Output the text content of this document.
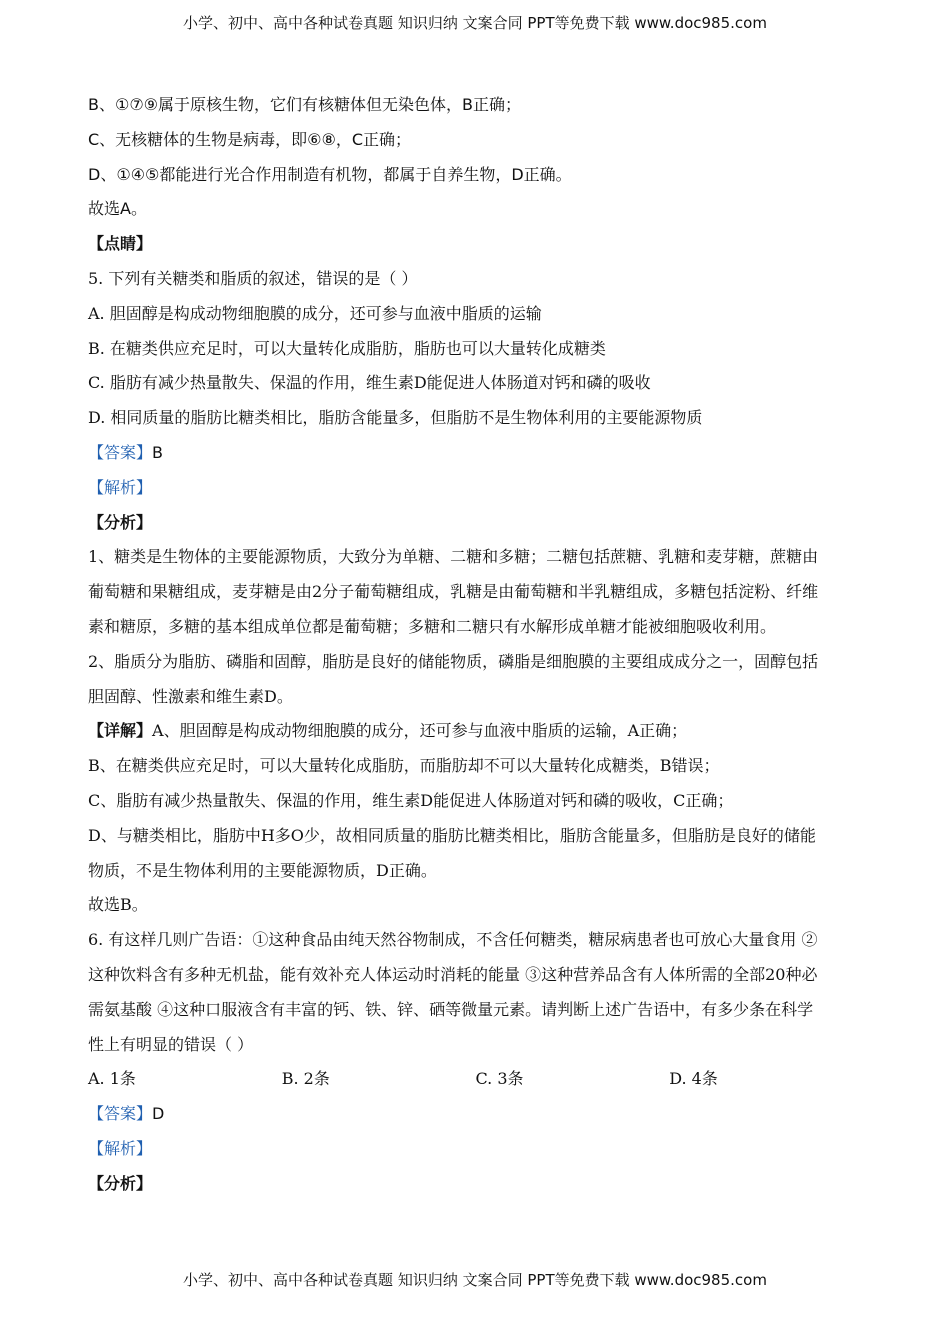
小学、初中、高中各种试卷真题 知识归纳 文案合同 PPT等免费下载 www.doc985.com
B、①⑦⑨属于原核生物，它们有核糖体但无染色体，B正确；
C、无核糖体的生物是病毒，即⑥⑧，C正确；
D、①④⑤都能进行光合作用制造有机物，都属于自养生物，D正确。
故选A。
【点睛】
5. 下列有关糖类和脂质的叙述，错误的是（ ）
A. 胆固醇是构成动物细胞膜的成分，还可参与血液中脂质的运输
B. 在糖类供应充足时，可以大量转化成脂肪，脂肪也可以大量转化成糖类
C. 脂肪有减少热量散失、保温的作用，维生素D能促进人体肠道对钙和磷的吸收
D. 相同质量的脂肪比糖类相比，脂肪含能量多，但脂肪不是生物体利用的主要能源物质
【答案】B
【解析】
【分析】
1、糖类是生物体的主要能源物质，大致分为单糖、二糖和多糖；二糖包括蔗糖、乳糖和麦芽糖，蔗糖由
葡萄糖和果糖组成，麦芽糖是由2分子葡萄糖组成，乳糖是由葡萄糖和半乳糖组成，多糖包括淀粉、纤维
素和糖原，多糖的基本组成单位都是葡萄糖；多糖和二糖只有水解形成单糖才能被细胞吸收利用。
2、脂质分为脂肪、磷脂和固醇，脂肪是良好的储能物质，磷脂是细胞膜的主要组成成分之一，固醇包括
胆固醇、性激素和维生素D。
【详解】A、胆固醇是构成动物细胞膜的成分，还可参与血液中脂质的运输，A正确；
B、在糖类供应充足时，可以大量转化成脂肪，而脂肪却不可以大量转化成糖类，B错误；
C、脂肪有减少热量散失、保温的作用，维生素D能促进人体肠道对钙和磷的吸收，C正确；
D、与糖类相比，脂肪中H多O少，故相同质量的脂肪比糖类相比，脂肪含能量多，但脂肪是良好的储能
物质，不是生物体利用的主要能源物质，D正确。
故选B。
6. 有这样几则广告语：①这种食品由纯天然谷物制成，不含任何糖类，糖尿病患者也可放心大量食用 ②
这种饮料含有多种无机盐，能有效补充人体运动时消耗的能量 ③这种营养品含有人体所需的全部20种必
需氨基酸 ④这种口服液含有丰富的钙、铁、锌、硒等微量元素。请判断上述广告语中，有多少条在科学
性上有明显的错误（ ）
A. 1条	B. 2条	C. 3条	D. 4条
【答案】D
【解析】
【分析】
小学、初中、高中各种试卷真题 知识归纳 文案合同 PPT等免费下载 www.doc985.com
